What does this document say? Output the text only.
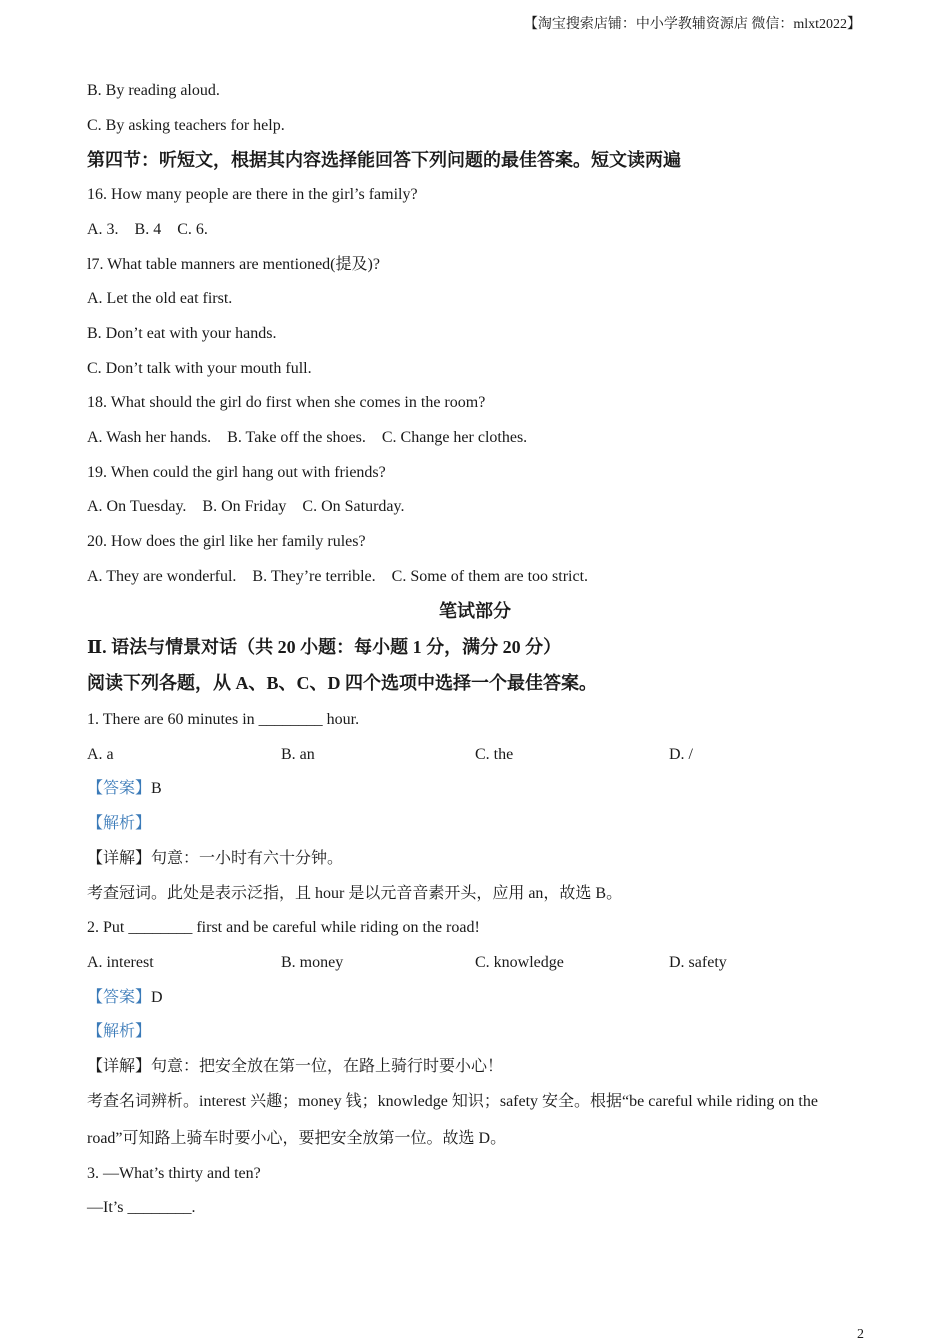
【淘宝搜索店铺：中小学教辅资源店 微信：mlxt2022】
B. By reading aloud.
C. By asking teachers for help.
第四节：听短文，根据其内容选择能回答下列问题的最佳答案。短文读两遍
16. How many people are there in the girl’s family?
A. 3.    B. 4    C. 6.
l7. What table manners are mentioned(提及)?
A. Let the old eat first.
B. Don’t eat with your hands.
C. Don’t talk with your mouth full.
18. What should the girl do first when she comes in the room?
A. Wash her hands.    B. Take off the shoes.    C. Change her clothes.
19. When could the girl hang out with friends?
A. On Tuesday.    B. On Friday    C. On Saturday.
20. How does the girl like her family rules?
A. They are wonderful.    B. They’re terrible.    C. Some of them are too strict.
笔试部分
Ⅱ. 语法与情景对话（共 20 小题：每小题 1 分，满分 20 分）
阅读下列各题，从 A、B、C、D 四个选项中选择一个最佳答案。
1. There are 60 minutes in ________ hour.
A. a	B. an	C. the	D. /
【答案】B
【解析】
【详解】句意：一小时有六十分钟。
考查冠词。此处是表示泛指，且 hour 是以元音音素开头，应用 an，故选 B。
2. Put ________ first and be careful while riding on the road!
A. interest	B. money	C. knowledge	D. safety
【答案】D
【解析】
【详解】句意：把安全放在第一位，在路上骑行时要小心！
考查名词辨析。interest 兴趣；money 钱；knowledge 知识；safety 安全。根据“be careful while riding on the
road”可知路上骑车时要小心，要把安全放第一位。故选 D。
3. —What’s thirty and ten?
—It’s ________.
2
